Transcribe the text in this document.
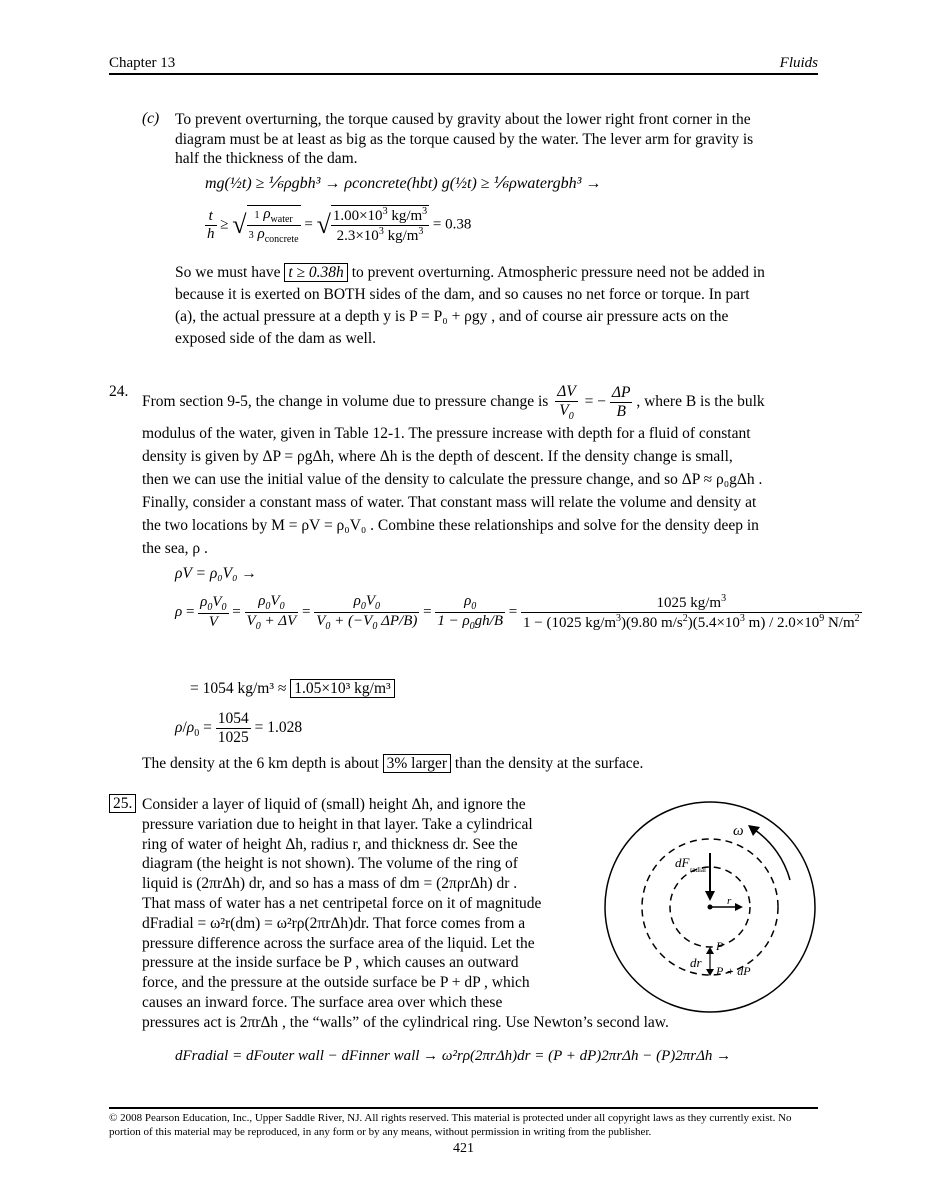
Chapter 13	Fluids
(c) To prevent overturning, the torque caused by gravity about the lower right front corner in the
diagram must be at least as big as the torque caused by the water. The lever arm for gravity is
half the thickness of the dam.
mg(½t) ≥ ⅙ρgbh³ → ρconcrete(hbt) g(½t) ≥ ⅙ρwatergbh³ →
$\frac{t}{h}$ ≥ √ 1 $\rho_{water}$
3 $\rho_{concrete}$
= √ $\frac{1.00\times 10^3 kg/m^3}{2.3\times 10^3 kg/m^3} = 0.38$
So we must have t ≥ 0.38h to prevent overturning. Atmospheric pressure need not be added in
because it is exerted on BOTH sides of the dam, and so causes no net force or torque. In part
(a), the actual pressure at a depth y is P = P₀ + ρgy , and of course air pressure acts on the
exposed side of the dam as well.
24.
From section 9-5, the change in volume due to pressure change is $\frac{\Delta V}{V_0}$ = − $\frac{\Delta P}{B}$ , where B is the bulk
modulus of the water, given in Table 12-1. The pressure increase with depth for a fluid of constant
density is given by ΔP = ρgΔh, where Δh is the depth of descent. If the density change is small,
then we can use the initial value of the density to calculate the pressure change, and so ΔP ≈ ρ₀gΔh .
Finally, consider a constant mass of water. That constant mass will relate the volume and density at
the two locations by M = ρV = ρ₀V₀ . Combine these relationships and solve for the density deep in
the sea, ρ .
ρV = ρ₀V₀ →
$\rho = \frac{\rho_0V_0}{V} = \frac{\rho_0V_0}{V_0 + \Delta V} = \frac{\rho_0V_0}{V_0 + (-V_0 \Delta P/B)} = \frac{\rho_0}{1 - \rho_0gh/B} = \frac{1025 kg/m^3}{1 - (1025 kg/m^3)(9.80 m/s^2)(5.4\times 10^3 m) / 2.0\times 10^9 N/m^2}$
= 1054 kg/m³ ≈ 1.05×10³ kg/m³
$\rho/\rho_0 = \frac{1054}{1025} = 1.028$
The density at the 6 km depth is about 3% larger than the density at the surface.
25. Consider a layer of liquid of (small) height Δh, and ignore the
pressure variation due to height in that layer. Take a cylindrical
ring of water of height Δh, radius r, and thickness dr. See the
diagram (the height is not shown). The volume of the ring of
liquid is (2πrΔh) dr, and so has a mass of dm = (2πρrΔh) dr .
That mass of water has a net centripetal force on it of magnitude
dFradial = ω²r(dm) = ω²rρ(2πrΔh)dr. That force comes from a
pressure difference across the surface area of the liquid. Let the
pressure at the inside surface be P , which causes an outward
force, and the pressure at the outside surface be P + dP , which
causes an inward force. The surface area over which these
pressures act is 2πrΔh , the “walls” of the cylindrical ring. Use Newton’s second law.
ω
dF radial
r
P
dr
P + dP
dFradial = dFouter wall − dFinner wall → ω²rρ(2πrΔh)dr = (P + dP)2πrΔh − (P)2πrΔh →
© 2008 Pearson Education, Inc., Upper Saddle River, NJ. All rights reserved. This material is protected under all copyright laws as they currently exist. No portion of this material may be reproduced, in any form or by any means, without permission in writing from the publisher.
421
